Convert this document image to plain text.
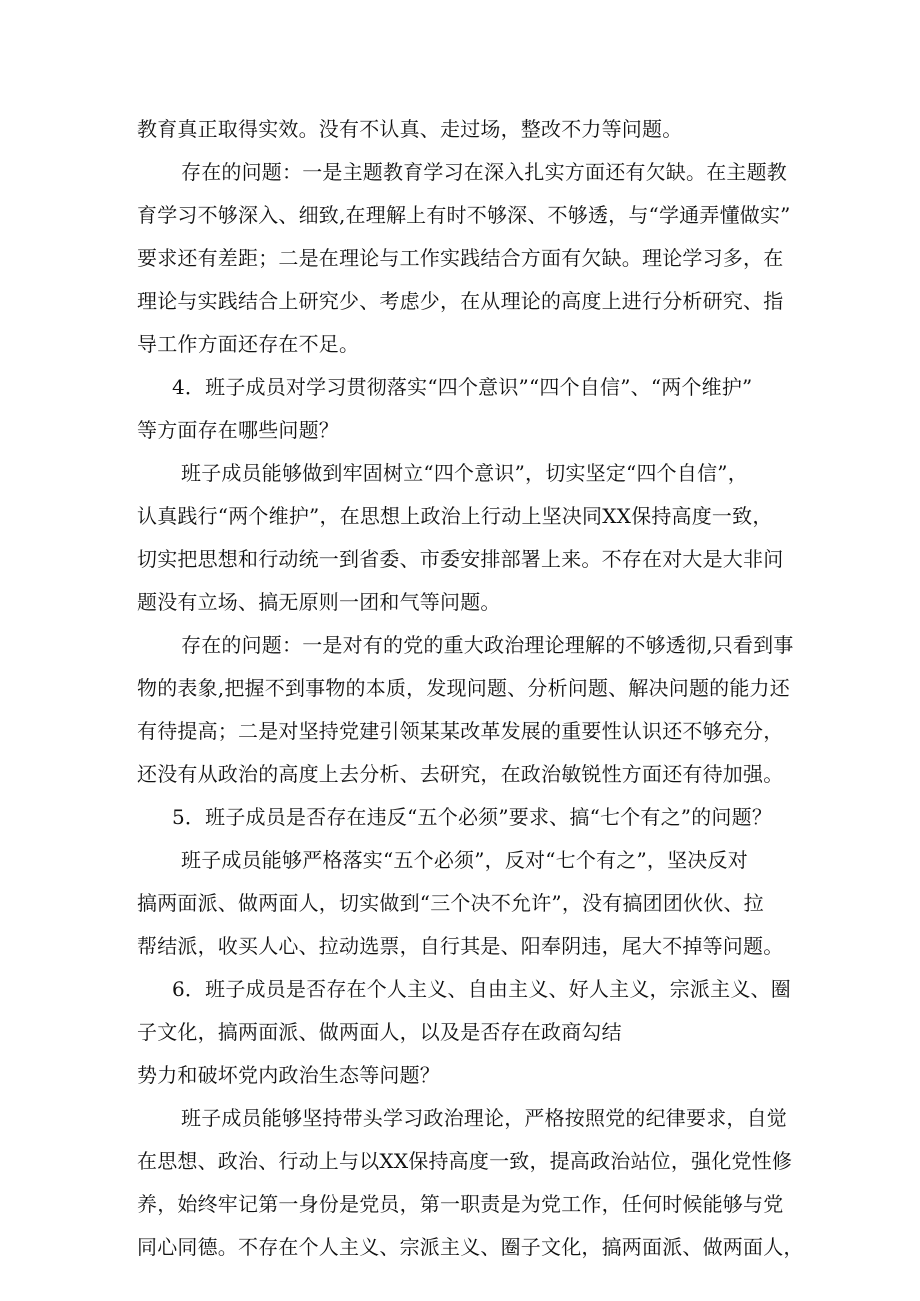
教育真正取得实效。没有不认真、走过场，整改不力等问题。
存在的问题：一是主题教育学习在深入扎实方面还有欠缺。在主题教
育学习不够深入、细致,在理解上有时不够深、不够透，与“学通弄懂做实”
要求还有差距；二是在理论与工作实践结合方面有欠缺。理论学习多，在
理论与实践结合上研究少、考虑少，在从理论的高度上进行分析研究、指
导工作方面还存在不足。
4．班子成员对学习贯彻落实“四个意识”“四个自信”、“两个维护”
等方面存在哪些问题？
班子成员能够做到牢固树立“四个意识”，切实坚定“四个自信”，
认真践行“两个维护”，在思想上政治上行动上坚决同XX保持高度一致，
切实把思想和行动统一到省委、市委安排部署上来。不存在对大是大非问
题没有立场、搞无原则一团和气等问题。
存在的问题：一是对有的党的重大政治理论理解的不够透彻,只看到事
物的表象,把握不到事物的本质，发现问题、分析问题、解决问题的能力还
有待提高；二是对坚持党建引领某某改革发展的重要性认识还不够充分，
还没有从政治的高度上去分析、去研究，在政治敏锐性方面还有待加强。
5．班子成员是否存在违反“五个必须”要求、搞“七个有之”的问题？
班子成员能够严格落实“五个必须”，反对“七个有之”，坚决反对
搞两面派、做两面人，切实做到“三个决不允许”，没有搞团团伙伙、拉
帮结派，收买人心、拉动选票，自行其是、阳奉阴违，尾大不掉等问题。
6．班子成员是否存在个人主义、自由主义、好人主义，宗派主义、圈
子文化，搞两面派、做两面人，以及是否存在政商勾结
势力和破坏党内政治生态等问题？
班子成员能够坚持带头学习政治理论，严格按照党的纪律要求，自觉
在思想、政治、行动上与以XX保持高度一致，提高政治站位，强化党性修
养，始终牢记第一身份是党员，第一职责是为党工作，任何时候能够与党
同心同德。不存在个人主义、宗派主义、圈子文化，搞两面派、做两面人，
